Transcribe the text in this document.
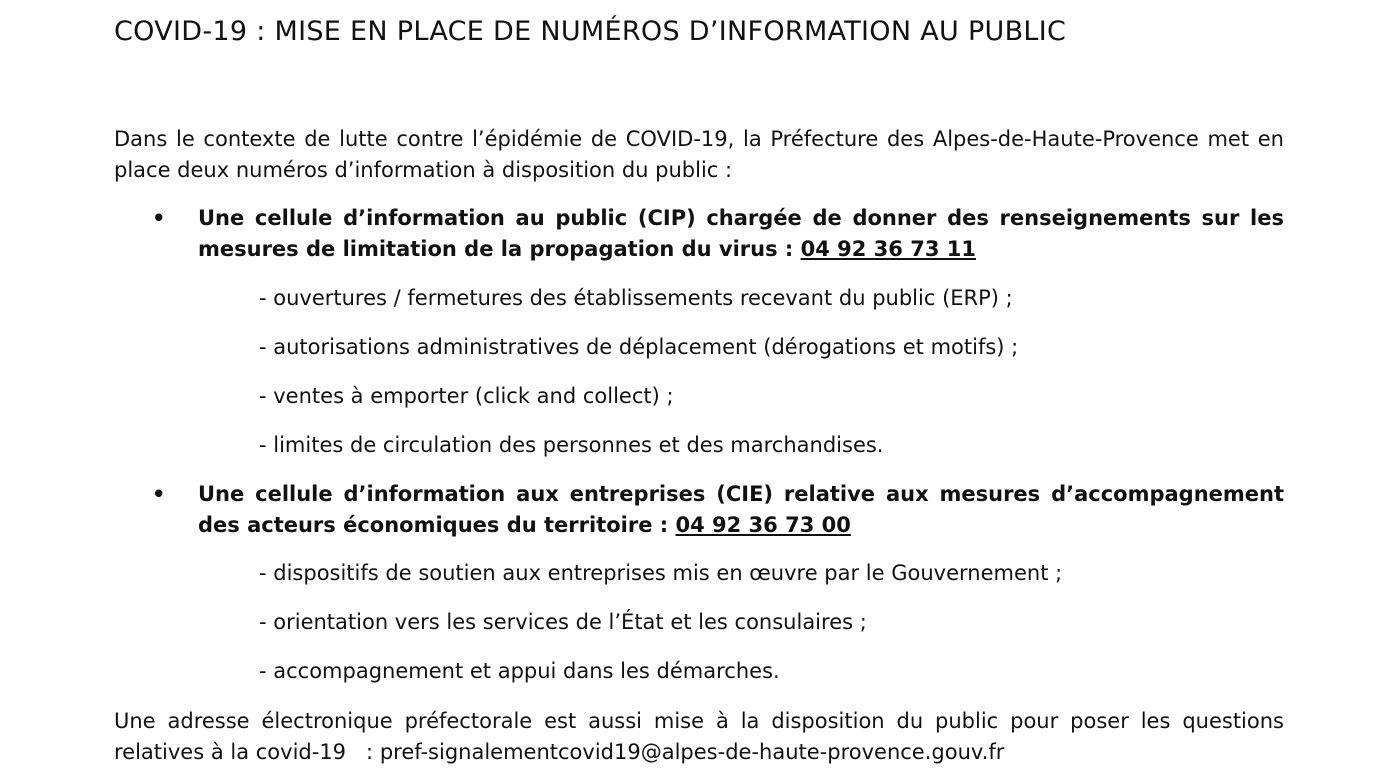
COVID-19 : MISE EN PLACE DE NUMÉROS D’INFORMATION AU PUBLIC

Dans le contexte de lutte contre l’épidémie de COVID-19, la Préfecture des Alpes-de-Haute-Provence met en place deux numéros d’information à disposition du public :

• Une cellule d’information au public (CIP) chargée de donner des renseignements sur les mesures de limitation de la propagation du virus : 04 92 36 73 11

- ouvertures / fermetures des établissements recevant du public (ERP) ;

- autorisations administratives de déplacement (dérogations et motifs) ;

- ventes à emporter (click and collect) ;

- limites de circulation des personnes et des marchandises.

• Une cellule d’information aux entreprises (CIE) relative aux mesures d’accompagnement des acteurs économiques du territoire : 04 92 36 73 00

- dispositifs de soutien aux entreprises mis en œuvre par le Gouvernement ;

- orientation vers les services de l’État et les consulaires ;

- accompagnement et appui dans les démarches.

Une adresse électronique préfectorale est aussi mise à la disposition du public pour poser les questions relatives à la covid-19   : pref-signalementcovid19@alpes-de-haute-provence.gouv.fr
